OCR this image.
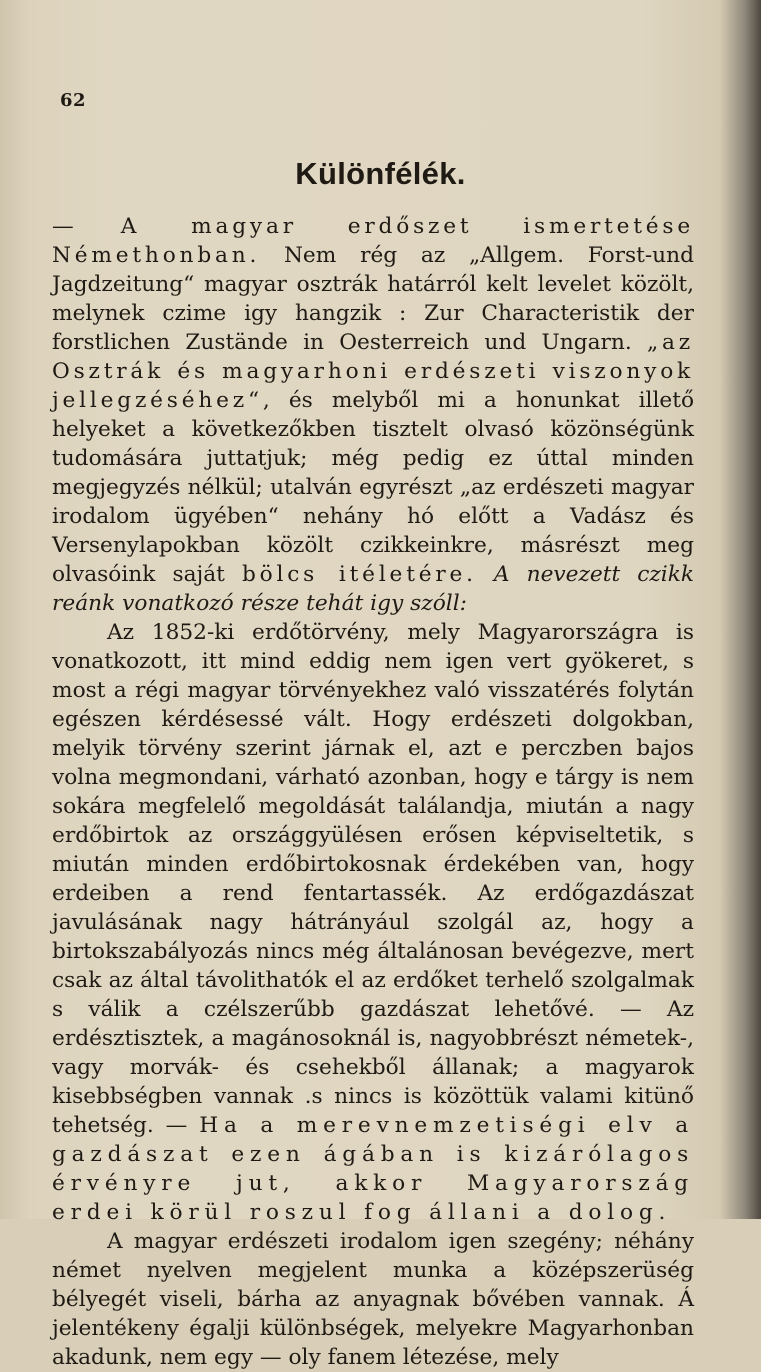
62
Különfélék.

— A magyar erdőszet ismertetése Némethonban. Nem rég az „Allgem. Forst-und Jagdzeitung“ magyar osztrák határról kelt levelet közölt, melynek czime igy hangzik : Zur Characteristik der forstlichen Zustände in Oesterreich und Ungarn. „az Osztrák és magyarhoni erdészeti viszonyok jellegzéséhez“, és melyből mi a honunkat illető helyeket a következőkben tisztelt olvasó közönségünk tudomására juttatjuk; még pedig ez úttal minden megjegyzés nélkül; utalván egyrészt „az erdészeti magyar irodalom ügyében“ nehány hó előtt a Vadász és Versenylapokban közölt czikkeinkre, másrészt meg olvasóink saját bölcs itéletére. A nevezett czikk reánk vonatkozó része tehát igy szóll:

Az 1852-ki erdőtörvény, mely Magyarországra is vonatkozott, itt mind eddig nem igen vert gyökeret, s most a régi magyar törvényekhez való visszatérés folytán egészen kérdésessé vált. Hogy erdészeti dolgokban, melyik törvény szerint járnak el, azt e perczben bajos volna megmondani, várható azonban, hogy e tárgy is nem sokára megfelelő megoldását találandja, miután a nagy erdőbirtok az országgyülésen erősen képviseltetik, s miután minden erdőbirtokosnak érdekében van, hogy erdeiben a rend fentartassék. Az erdőgazdászat javulásának nagy hátrányául szolgál az, hogy a birtokszabályozás nincs még általánosan bevégezve, mert csak az által távolithatók el az erdőket terhelő szolgalmak s válik a czélszerűbb gazdászat lehetővé. — Az erdésztisztek, a magánosoknál is, nagyobbrészt németek-, vagy morvák- és csehekből állanak; a magyarok kisebbségben vannak .s nincs is közöttük valami kitünő tehetség. — Ha a merevnemzetiségi elv a gazdászat ezen ágában is kizárólagos érvényre jut, akkor Magyarország erdei körül roszul fog állani a dolog.

A magyar erdészeti irodalom igen szegény; néhány német nyelven megjelent munka a középszerüség bélyegét viseli, bárha az anyagnak bővében vannak. Á jelentékeny égalji különbségek, melyekre Magyarhonban akadunk, nem egy — oly fanem létezése, mely
